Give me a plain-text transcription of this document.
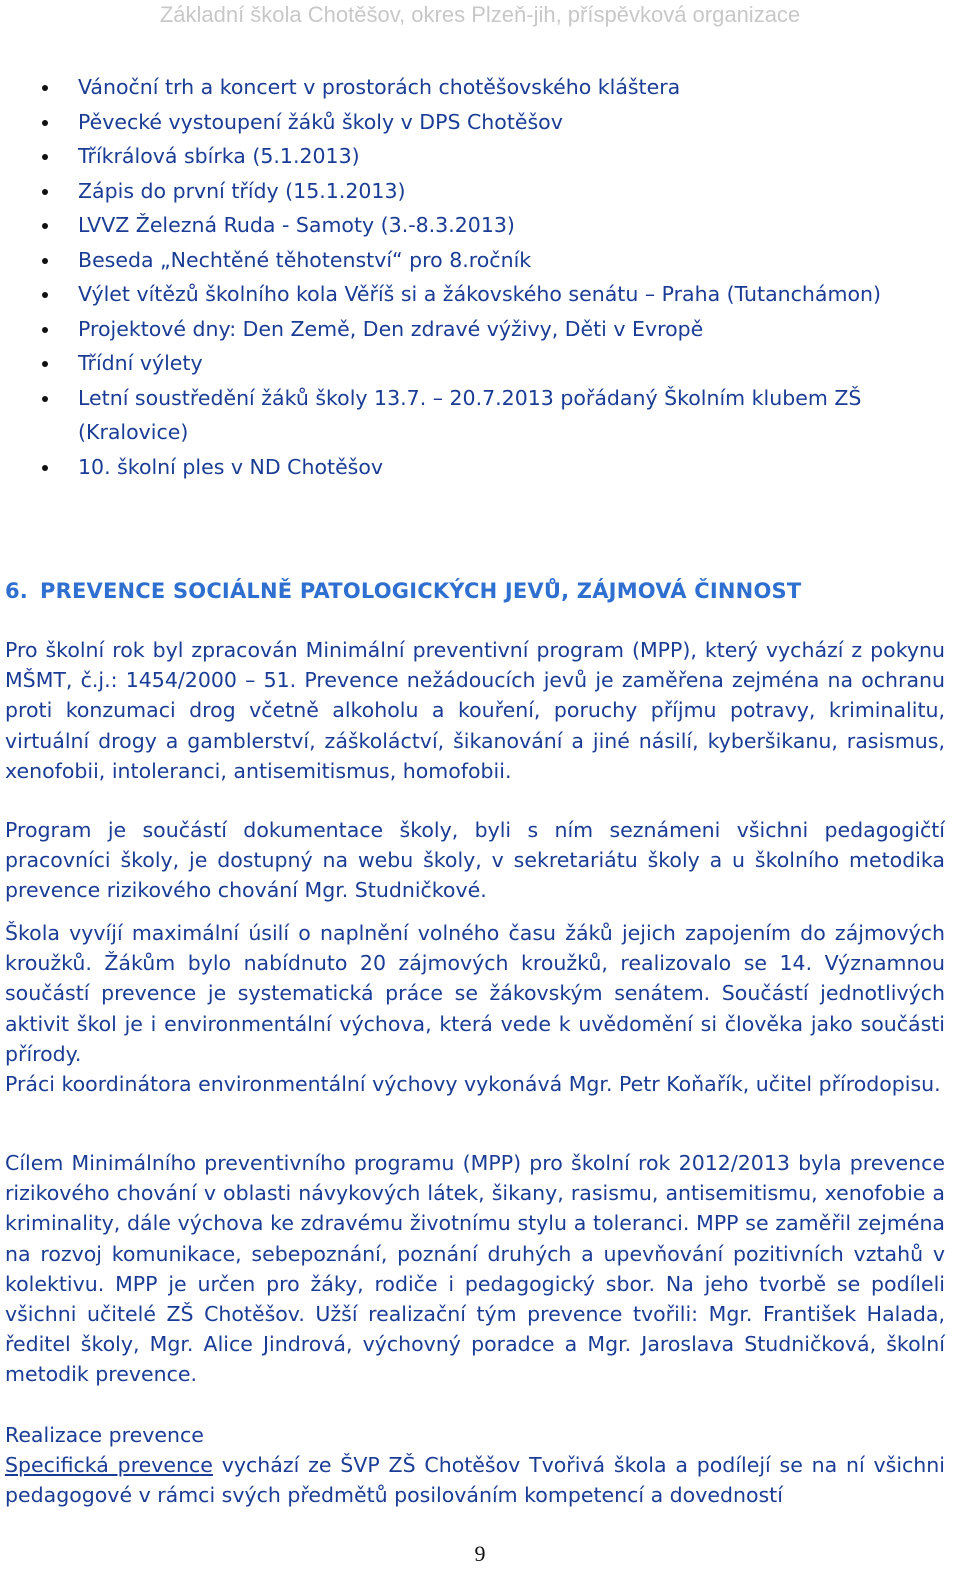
Základní škola Chotěšov, okres Plzeň-jih, příspěvková organizace
Vánoční trh a koncert v prostorách chotěšovského kláštera
Pěvecké vystoupení žáků školy v DPS Chotěšov
Tříkrálová sbírka (5.1.2013)
Zápis do první třídy (15.1.2013)
LVVZ Železná Ruda - Samoty (3.-8.3.2013)
Beseda „Nechtěné těhotenství“ pro 8.ročník
Výlet vítězů školního kola Věříš si a žákovského senátu – Praha (Tutanchámon)
Projektové dny: Den Země, Den zdravé výživy, Děti v Evropě
Třídní výlety
Letní soustředění žáků školy 13.7. – 20.7.2013 pořádaný Školním klubem ZŠ (Kralovice)
10. školní ples v ND Chotěšov
6. PREVENCE SOCIÁLNĚ PATOLOGICKÝCH JEVŮ, ZÁJMOVÁ ČINNOST

Pro školní rok byl zpracován Minimální preventivní program (MPP), který vychází z pokynu MŠMT, č.j.: 1454/2000 – 51. Prevence nežádoucích jevů je zaměřena zejména na ochranu proti konzumaci drog včetně alkoholu a kouření, poruchy příjmu potravy, kriminalitu, virtuální drogy a gamblerství, záškoláctví, šikanování a jiné násilí, kyberšikanu, rasismus, xenofobii, intoleranci, antisemitismus, homofobii.

Program je součástí dokumentace školy, byli s ním seznámeni všichni pedagogičtí pracovníci školy, je dostupný na webu školy, v sekretariátu školy a u školního metodika prevence rizikového chování Mgr. Studničkové.

Škola vyvíjí maximální úsilí o naplnění volného času žáků jejich zapojením do zájmových kroužků. Žákům bylo nabídnuto 20 zájmových kroužků, realizovalo se 14. Významnou součástí prevence je systematická práce se žákovským senátem. Součástí jednotlivých aktivit škol je i environmentální výchova, která vede k uvědomění si člověka jako součásti přírody.

Práci koordinátora environmentální výchovy vykonává Mgr. Petr Koňařík, učitel přírodopisu.

Cílem Minimálního preventivního programu (MPP) pro školní rok 2012/2013 byla prevence rizikového chování v oblasti návykových látek, šikany, rasismu, antisemitismu, xenofobie a kriminality, dále výchova ke zdravému životnímu stylu a toleranci. MPP se zaměřil zejména na rozvoj komunikace, sebepoznání, poznání druhých a upevňování pozitivních vztahů v kolektivu. MPP je určen pro žáky, rodiče i pedagogický sbor. Na jeho tvorbě se podíleli všichni učitelé ZŠ Chotěšov. Užší realizační tým prevence tvořili: Mgr. František Halada, ředitel školy, Mgr. Alice Jindrová, výchovný poradce a Mgr. Jaroslava Studničková, školní metodik prevence.

Realizace prevence

Specifická prevence vychází ze ŠVP ZŠ Chotěšov Tvořivá škola a podílejí se na ní všichni pedagogové v rámci svých předmětů posilováním kompetencí a dovedností

9
